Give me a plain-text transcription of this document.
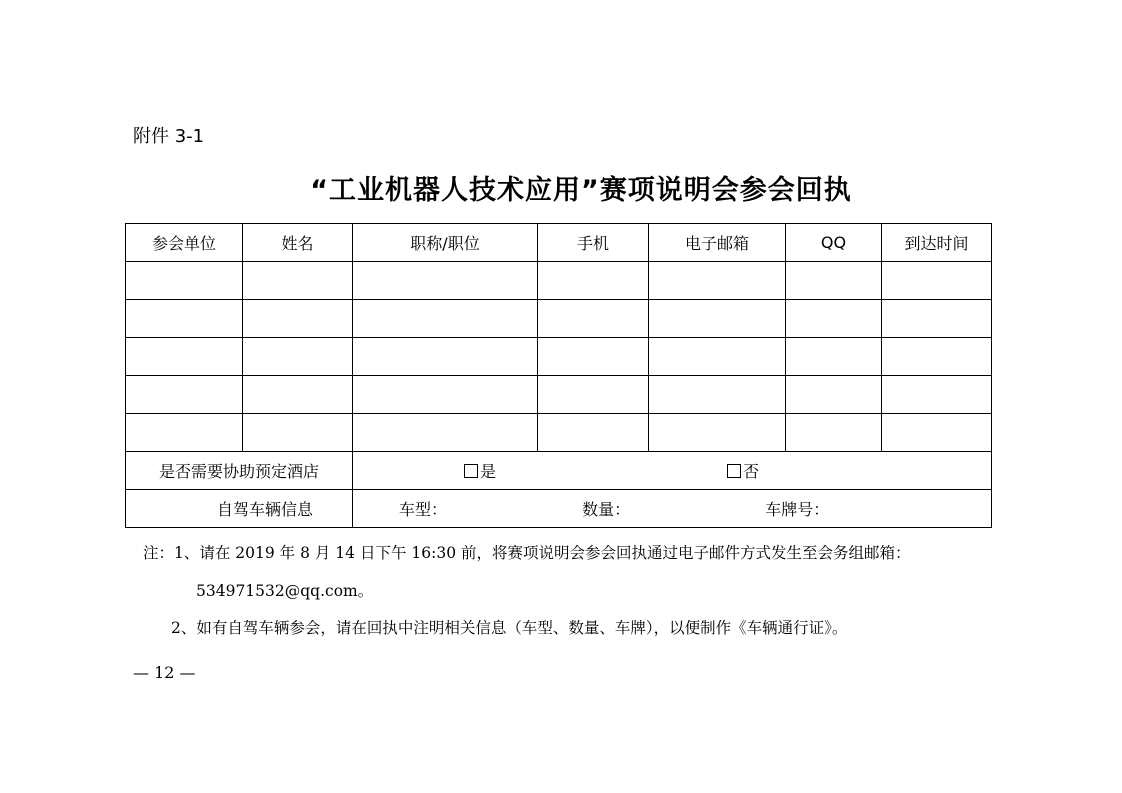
附件 3-1
“工业机器人技术应用”赛项说明会参会回执
参会单位	姓名	职称/职位	手机	电子邮箱	QQ	到达时间

是否需要协助预定酒店		是 否				
自驾车辆信息		车型： 数量： 车牌号：				
注：1、请在 2019 年 8 月 14 日下午 16:30 前，将赛项说明会参会回执通过电子邮件方式发生至会务组邮箱：
534971532@qq.com。
2、如有自驾车辆参会，请在回执中注明相关信息（车型、数量、车牌），以便制作《车辆通行证》。
— 12 —
